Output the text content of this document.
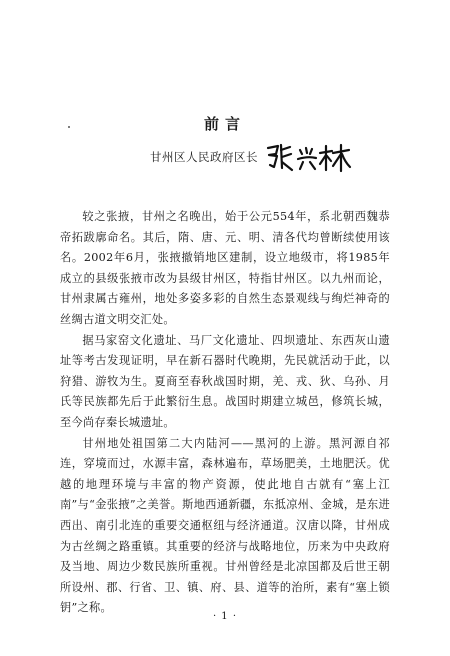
前言
甘州区人民政府区长

较之张掖，甘州之名晚出，始于公元554年，系北朝西魏恭帝拓跋廓命名。其后，隋、唐、元、明、清各代均曾断续使用该名。2002年6月，张掖撤销地区建制，设立地级市，将1985年成立的县级张掖市改为县级甘州区，特指甘州区。以九州而论，甘州隶属古雍州，地处多姿多彩的自然生态景观线与绚烂神奇的丝绸古道文明交汇处。

据马家窑文化遗址、马厂文化遗址、四坝遗址、东西灰山遗址等考古发现证明，早在新石器时代晚期，先民就活动于此，以狩猎、游牧为生。夏商至春秋战国时期，羌、戎、狄、乌孙、月氏等民族都先后于此繁衍生息。战国时期建立城邑，修筑长城，至今尚存秦长城遗址。

甘州地处祖国第二大内陆河——黑河的上游。黑河源自祁连，穿境而过，水源丰富，森林遍布，草场肥美，土地肥沃。优越的地理环境与丰富的物产资源，使此地自古就有“塞上江南”与“金张掖”之美誉。斯地西通新疆，东抵凉州、金城，是东进西出、南引北连的重要交通枢纽与经济通道。汉唐以降，甘州成为古丝绸之路重镇。其重要的经济与战略地位，历来为中央政府及当地、周边少数民族所重视。甘州曾经是北凉国都及后世王朝所设州、郡、行省、卫、镇、府、县、道等的治所，素有“塞上锁钥”之称。

· 1 ·
